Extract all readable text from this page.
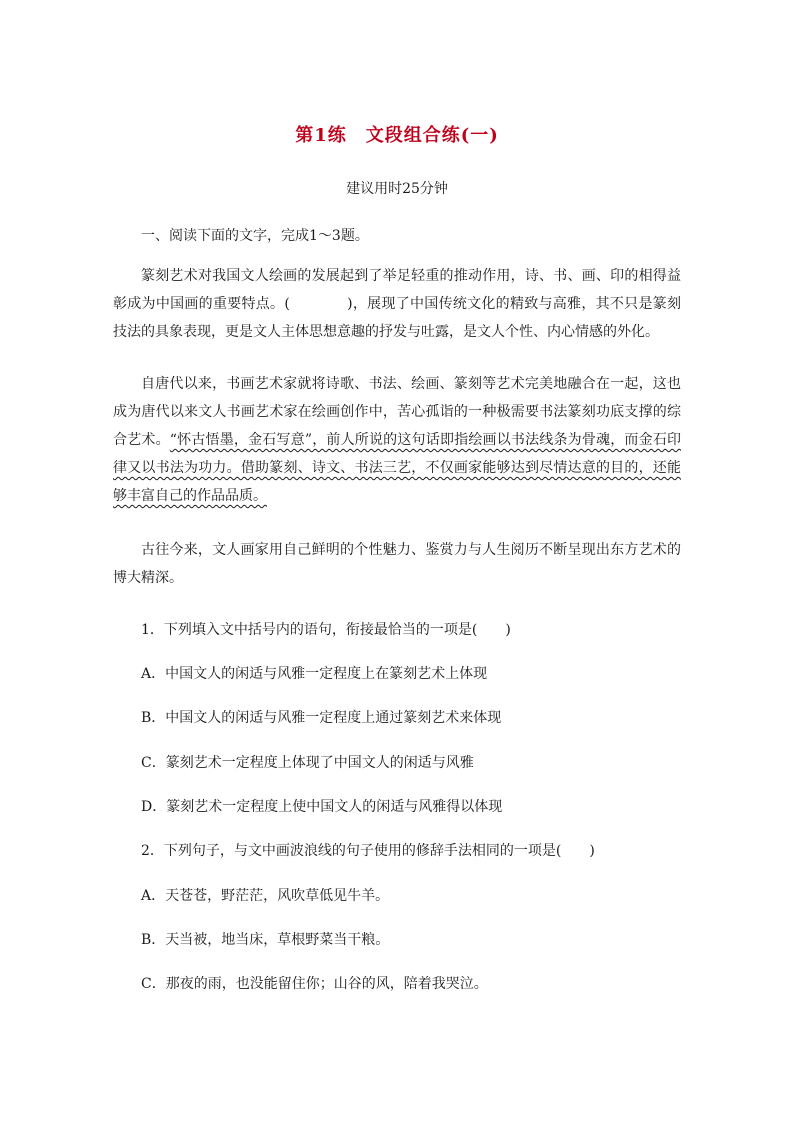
第1练　文段组合练(一)
建议用时25分钟
一、阅读下面的文字，完成1～3题。

篆刻艺术对我国文人绘画的发展起到了举足轻重的推动作用，诗、书、画、印的相得益彰成为中国画的重要特点。(　　　　)，展现了中国传统文化的精致与高雅，其不只是篆刻技法的具象表现，更是文人主体思想意趣的抒发与吐露，是文人个性、内心情感的外化。

自唐代以来，书画艺术家就将诗歌、书法、绘画、篆刻等艺术完美地融合在一起，这也成为唐代以来文人书画艺术家在绘画创作中，苦心孤诣的一种极需要书法篆刻功底支撑的综合艺术。“怀古悟墨，金石写意”，前人所说的这句话即指绘画以书法线条为骨魂，而金石印律又以书法为功力。借助篆刻、诗文、书法三艺，不仅画家能够达到尽情达意的目的，还能够丰富自己的作品品质。

古往今来，文人画家用自己鲜明的个性魅力、鉴赏力与人生阅历不断呈现出东方艺术的博大精深。

1．下列填入文中括号内的语句，衔接最恰当的一项是(　　)
A．中国文人的闲适与风雅一定程度上在篆刻艺术上体现
B．中国文人的闲适与风雅一定程度上通过篆刻艺术来体现
C．篆刻艺术一定程度上体现了中国文人的闲适与风雅
D．篆刻艺术一定程度上使中国文人的闲适与风雅得以体现
2．下列句子，与文中画波浪线的句子使用的修辞手法相同的一项是(　　)
A．天苍苍，野茫茫，风吹草低见牛羊。
B．天当被，地当床，草根野菜当干粮。
C．那夜的雨，也没能留住你；山谷的风，陪着我哭泣。
